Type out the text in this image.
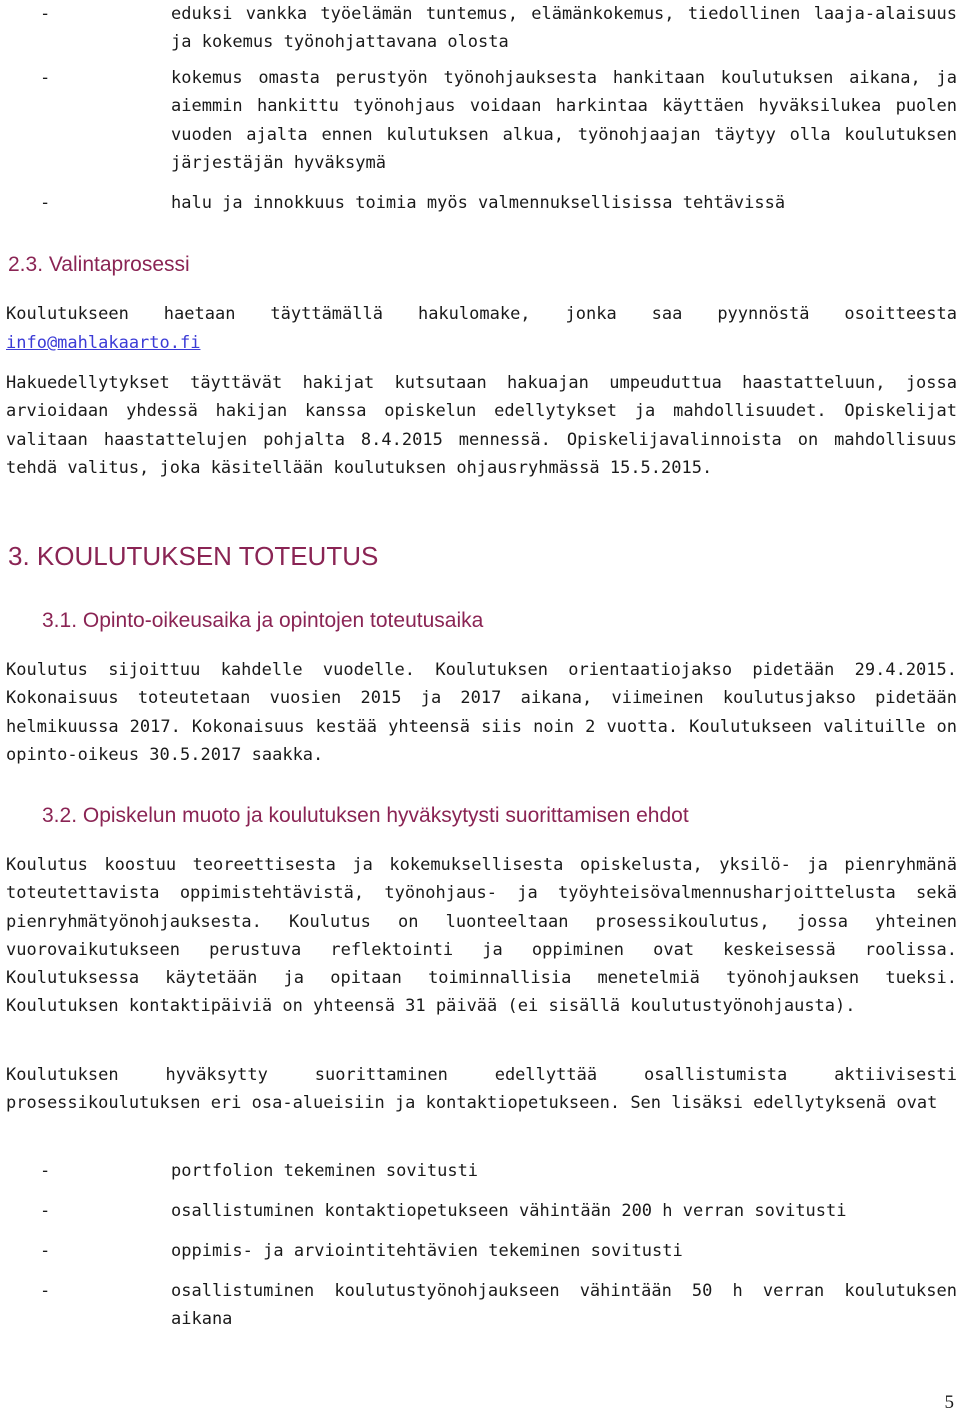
-	eduksi vankka työelämän tuntemus, elämänkokemus, tiedollinen laaja-alaisuus ja kokemus työnohjattavana olosta
-	kokemus omasta perustyön työnohjauksesta hankitaan koulutuksen aikana, ja aiemmin hankittu työnohjaus voidaan harkintaa käyttäen hyväksilukea puolen vuoden ajalta ennen kulutuksen alkua, työnohjaajan täytyy olla koulutuksen järjestäjän hyväksymä
-	halu ja innokkuus toimia myös valmennuksellisissa tehtävissä
2.3. Valintaprosessi
Koulutukseen haetaan täyttämällä hakulomake, jonka saa pyynnöstä osoitteesta
info@mahlakaarto.fi
Hakuedellytykset täyttävät hakijat kutsutaan hakuajan umpeuduttua haastatteluun, jossa arvioidaan yhdessä hakijan kanssa opiskelun edellytykset ja mahdollisuudet. Opiskelijat valitaan haastattelujen pohjalta 8.4.2015 mennessä. Opiskelijavalinnoista on mahdollisuus tehdä valitus, joka käsitellään koulutuksen ohjausryhmässä 15.5.2015.
3. KOULUTUKSEN TOTEUTUS
3.1. Opinto-oikeusaika ja opintojen toteutusaika
Koulutus sijoittuu kahdelle vuodelle. Koulutuksen orientaatiojakso pidetään 29.4.2015. Kokonaisuus toteutetaan vuosien 2015 ja 2017 aikana, viimeinen koulutusjakso pidetään helmikuussa 2017. Kokonaisuus kestää yhteensä siis noin 2 vuotta. Koulutukseen valituille on opinto-oikeus 30.5.2017 saakka.
3.2. Opiskelun muoto ja koulutuksen hyväksytysti suorittamisen ehdot
Koulutus koostuu teoreettisesta ja kokemuksellisesta opiskelusta, yksilö- ja pienryhmänä toteutettavista oppimistehtävistä, työnohjaus- ja työyhteisövalmennusharjoittelusta sekä pienryhmätyönohjauksesta. Koulutus on luonteeltaan prosessikoulutus, jossa yhteinen vuorovaikutukseen perustuva reflektointi ja oppiminen ovat keskeisessä roolissa. Koulutuksessa käytetään ja opitaan toiminnallisia menetelmiä työnohjauksen tueksi. Koulutuksen kontaktipäiviä on yhteensä 31 päivää (ei sisällä koulutustyönohjausta).
Koulutuksen hyväksytty suorittaminen edellyttää osallistumista aktiivisesti prosessikoulutuksen eri osa-alueisiin ja kontaktiopetukseen. Sen lisäksi edellytyksenä ovat
-	portfolion tekeminen sovitusti
-	osallistuminen kontaktiopetukseen vähintään 200 h verran sovitusti
-	oppimis- ja arviointitehtävien tekeminen sovitusti
-	osallistuminen koulutustyönohjaukseen vähintään 50 h verran koulutuksen aikana
5
